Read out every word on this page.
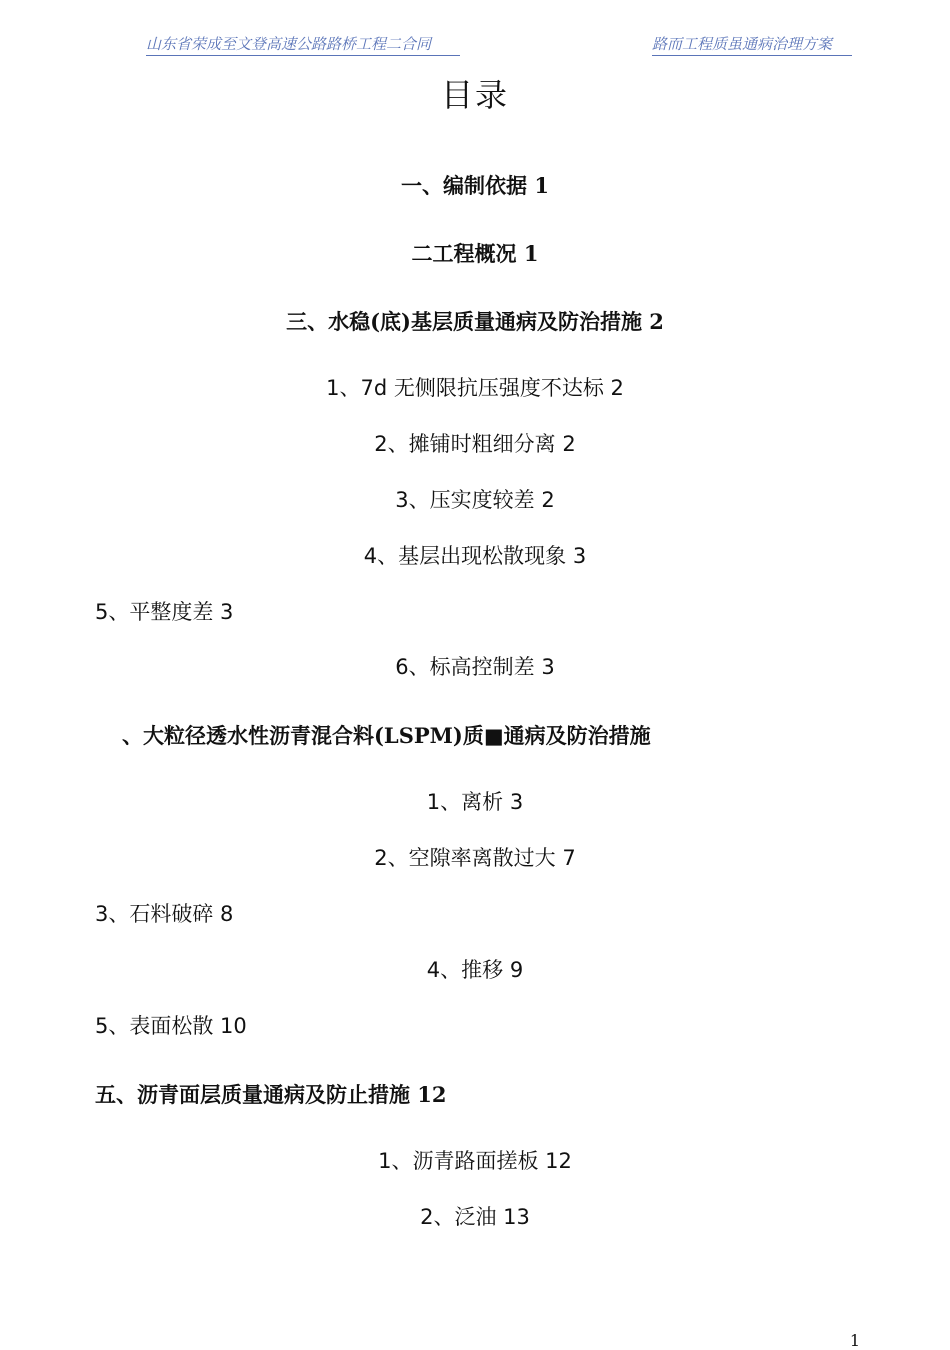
山东省荣成至文登高速公路路桥工程二合同	路而工程质虽通病治理方案
目录
一、编制依据 1
二工程概况 1
三、水稳(底)基层质量通病及防治措施 2
1、7d 无侧限抗压强度不达标 2
2、摊铺时粗细分离 2
3、压实度较差 2
4、基层出现松散现象 3
5、平整度差 3
6、标高控制差 3
、大粒径透水性沥青混合料(LSPM)质■通病及防治措施
1、离析 3
2、空隙率离散过大 7
3、石料破碎 8
4、推移 9
5、表面松散 10
五、沥青面层质量通病及防止措施 12
1、沥青路面搓板 12
2、泛油 13
1
